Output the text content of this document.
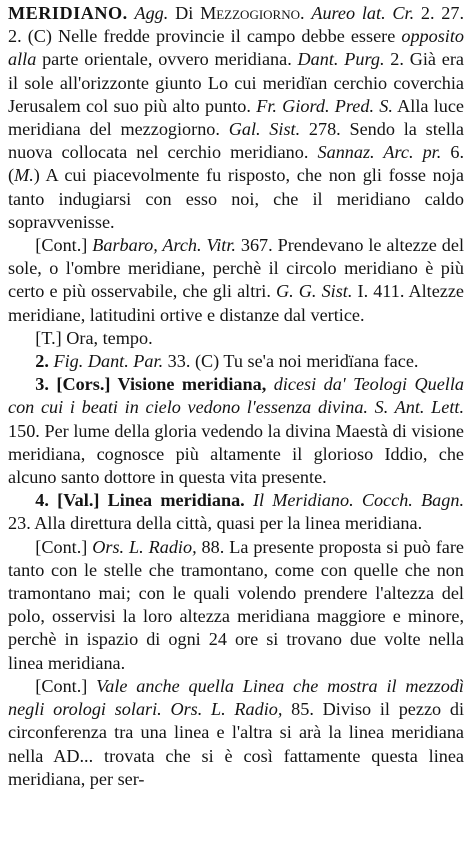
MERIDIANO. Agg. Di Mezzogiorno. Aureo lat. Cr. 2. 27. 2. (C) Nelle fredde provincie il campo debbe essere opposito alla parte orientale, ovvero meridiana. Dant. Purg. 2. Già era il sole all'orizzonte giunto Lo cui meridïan cerchio coverchia Jerusalem col suo più alto punto. Fr. Giord. Pred. S. Alla luce meridiana del mezzogiorno. Gal. Sist. 278. Sendo la stella nuova collocata nel cerchio meridiano. Sannaz. Arc. pr. 6. (M.) A cui piacevolmente fu risposto, che non gli fosse noja tanto indugiarsi con esso noi, che il meridiano caldo sopravvenisse.

[Cont.] Barbaro, Arch. Vitr. 367. Prendevano le altezze del sole, o l'ombre meridiane, perchè il circolo meridiano è più certo e più osservabile, che gli altri. G. G. Sist. I. 411. Altezze meridiane, latitudini ortive e distanze dal vertice.

[T.] Ora, tempo.

2. Fig. Dant. Par. 33. (C) Tu se'a noi meridïana face.

3. [Cors.] Visione meridiana, dicesi da' Teologi Quella con cui i beati in cielo vedono l'essenza divina. S. Ant. Lett. 150. Per lume della gloria vedendo la divina Maestà di visione meridiana, cognosce più altamente il glorioso Iddio, che alcuno santo dottore in questa vita presente.

4. [Val.] Linea meridiana. Il Meridiano. Cocch. Bagn. 23. Alla direttura della città, quasi per la linea meridiana.

[Cont.] Ors. L. Radio, 88. La presente proposta si può fare tanto con le stelle che tramontano, come con quelle che non tramontano mai; con le quali volendo prendere l'altezza del polo, osservisi la loro altezza meridiana maggiore e minore, perchè in ispazio di ogni 24 ore si trovano due volte nella linea meridiana.

[Cont.] Vale anche quella Linea che mostra il mezzodì negli orologi solari. Ors. L. Radio, 85. Diviso il pezzo di circonferenza tra una linea e l'altra si arà la linea meridiana nella AD... trovata che si è così fattamente questa linea meridiana, per ser-
